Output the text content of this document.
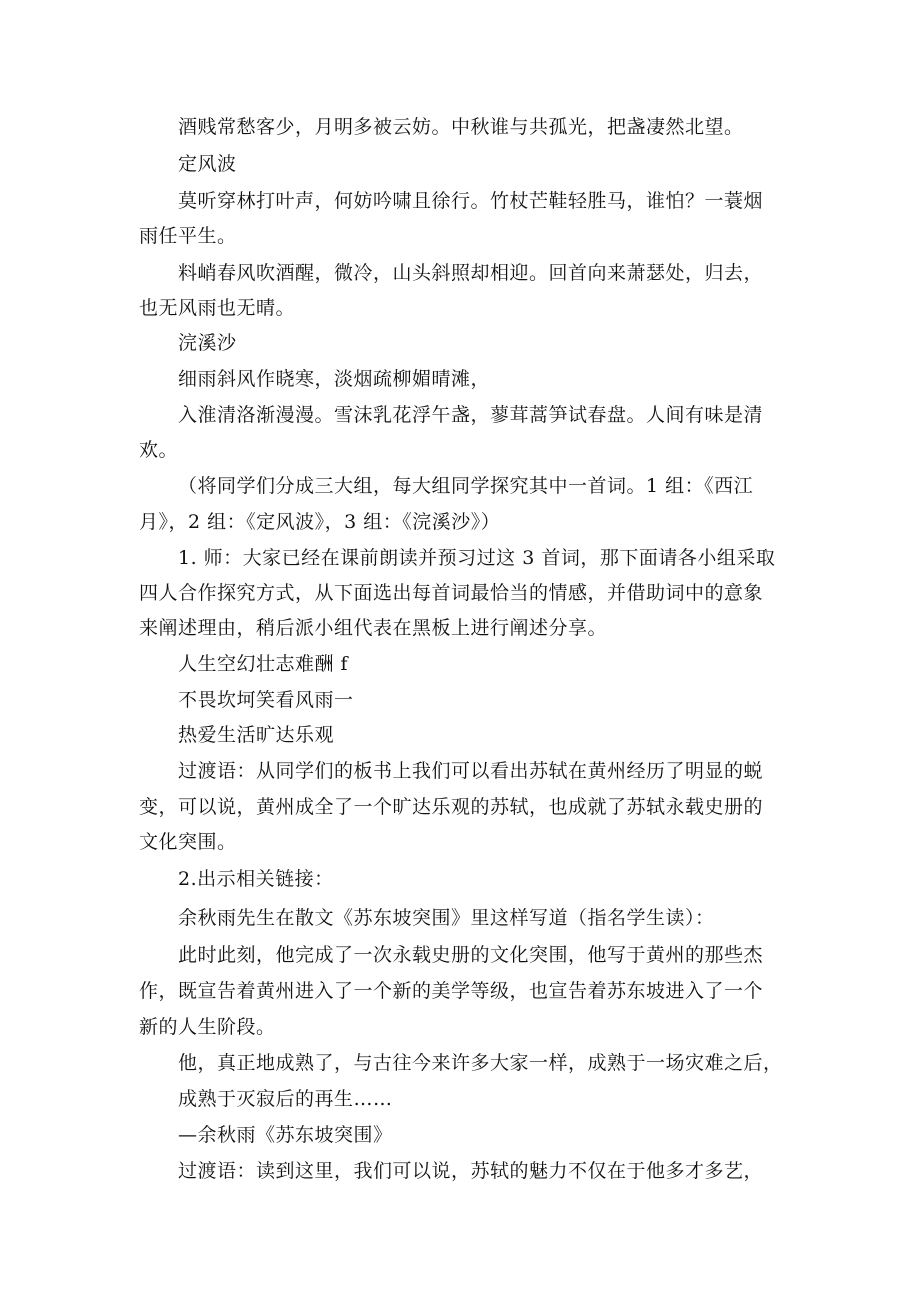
酒贱常愁客少，月明多被云妨。中秋谁与共孤光，把盏凄然北望。
定风波
莫听穿林打叶声，何妨吟啸且徐行。竹杖芒鞋轻胜马，谁怕？一蓑烟
雨任平生。
料峭春风吹酒醒，微冷，山头斜照却相迎。回首向来萧瑟处，归去，
也无风雨也无晴。
浣溪沙
细雨斜风作晓寒，淡烟疏柳媚晴滩，
入淮清洛渐漫漫。雪沫乳花浮午盏，蓼茸蒿笋试春盘。人间有味是清
欢。
（将同学们分成三大组，每大组同学探究其中一首词。1 组：《西江
月》，2 组：《定风波》，3 组：《浣溪沙》）
1. 师：大家已经在课前朗读并预习过这 3 首词，那下面请各小组采取
四人合作探究方式，从下面选出每首词最恰当的情感，并借助词中的意象
来阐述理由，稍后派小组代表在黑板上进行阐述分享。
人生空幻壮志难酬 f
不畏坎坷笑看风雨一
热爱生活旷达乐观
过渡语：从同学们的板书上我们可以看出苏轼在黄州经历了明显的蜕
变，可以说，黄州成全了一个旷达乐观的苏轼，也成就了苏轼永载史册的
文化突围。
2.出示相关链接：
余秋雨先生在散文《苏东坡突围》里这样写道（指名学生读）：
此时此刻，他完成了一次永载史册的文化突围，他写于黄州的那些杰
作，既宣告着黄州进入了一个新的美学等级，也宣告着苏东坡进入了一个
新的人生阶段。
他，真正地成熟了，与古往今来许多大家一样，成熟于一场灾难之后，
成熟于灭寂后的再生……
—余秋雨《苏东坡突围》
过渡语：读到这里，我们可以说，苏轼的魅力不仅在于他多才多艺，
